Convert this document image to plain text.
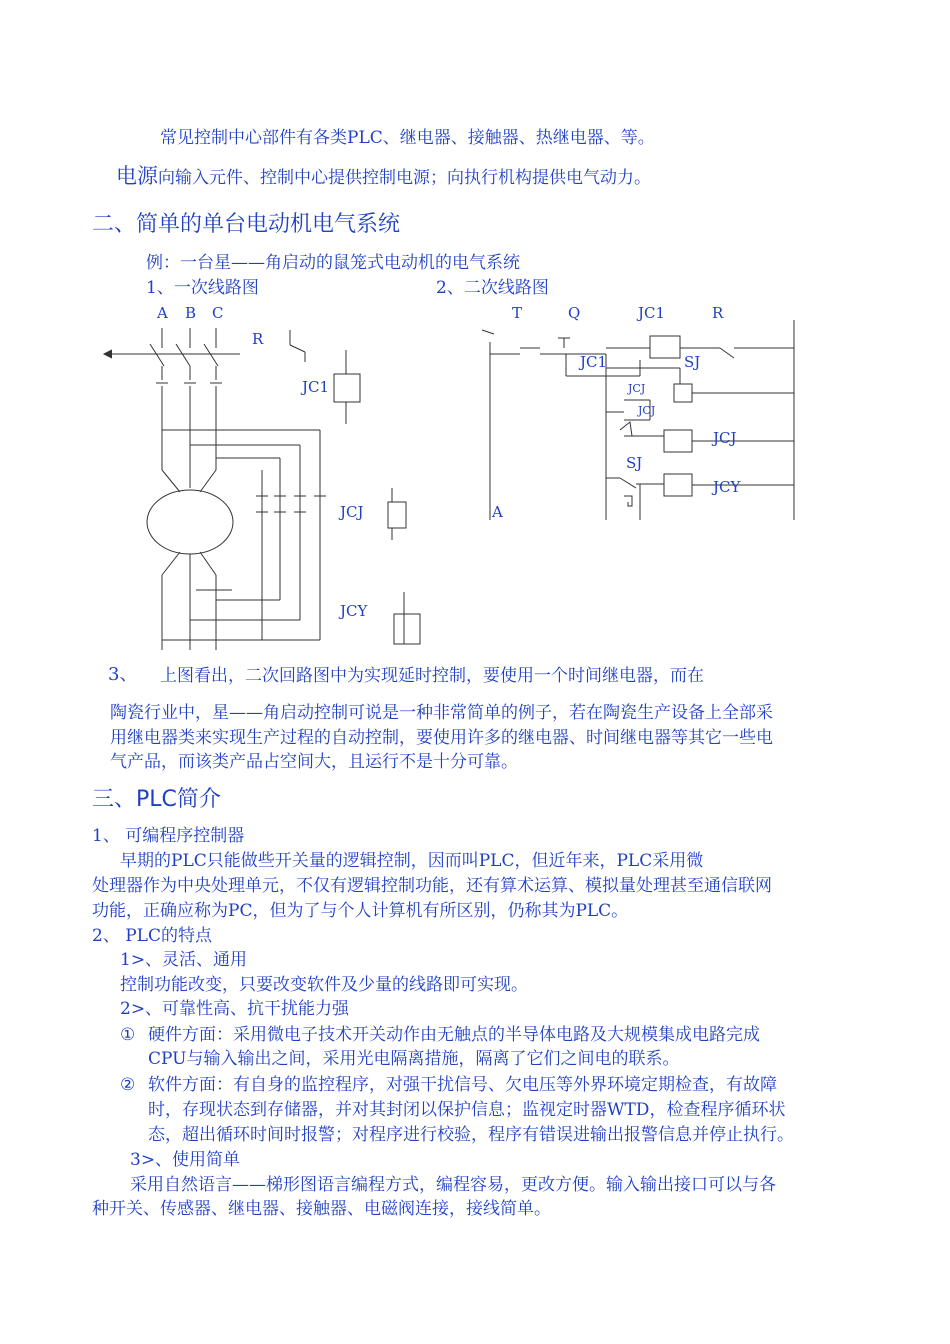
常见控制中心部件有各类PLC、继电器、接触器、热继电器、等。
电源向输入元件、控制中心提供控制电源；向执行机构提供电气动力。
二、简单的单台电动机电气系统
例：一台星——角启动的鼠笼式电动机的电气系统
1、一次线路图	2、二次线路图
A B C
R
JC1
JCJ
JCY
T	Q	JC1	R
JC1	SJ
JCJ
JCJ
JCJ
SJ
JCY
A
3、 上图看出，二次回路图中为实现延时控制，要使用一个时间继电器，而在
陶瓷行业中，星——角启动控制可说是一种非常简单的例子，若在陶瓷生产设备上全部采
用继电器类来实现生产过程的自动控制，要使用许多的继电器、时间继电器等其它一些电
气产品，而该类产品占空间大，且运行不是十分可靠。
三、PLC简介
1、 可编程序控制器
早期的PLC只能做些开关量的逻辑控制，因而叫PLC，但近年来，PLC采用微
处理器作为中央处理单元，不仅有逻辑控制功能，还有算术运算、模拟量处理甚至通信联网
功能，正确应称为PC，但为了与个人计算机有所区别，仍称其为PLC。
2、 PLC的特点
1>、灵活、通用
控制功能改变，只要改变软件及少量的线路即可实现。
2>、可靠性高、抗干扰能力强
① 硬件方面：采用微电子技术开关动作由无触点的半导体电路及大规模集成电路完成
CPU与输入输出之间，采用光电隔离措施，隔离了它们之间电的联系。
② 软件方面：有自身的监控程序，对强干扰信号、欠电压等外界环境定期检查，有故障
时，存现状态到存储器，并对其封闭以保护信息；监视定时器WTD，检查程序循环状
态，超出循环时间时报警；对程序进行校验，程序有错误进输出报警信息并停止执行。
3>、使用简单
采用自然语言——梯形图语言编程方式，编程容易，更改方便。输入输出接口可以与各
种开关、传感器、继电器、接触器、电磁阀连接，接线简单。
